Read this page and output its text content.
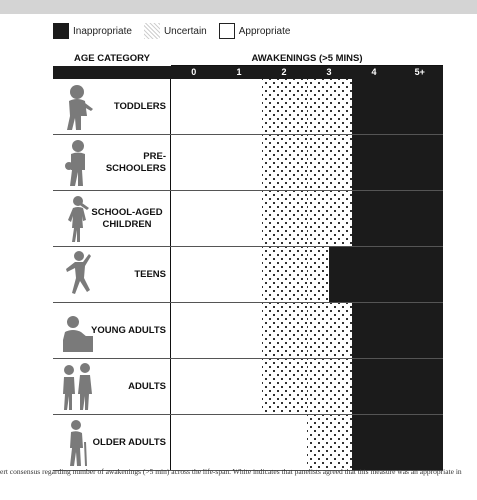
Inappropriate	Uncertain	Appropriate
AGE CATEGORY	AWAKENINGS (>5 MINS)
0	1	2	3	4	5+
TODDLERS
PRE-SCHOOLERS
SCHOOL-AGED
CHILDREN
TEENS
YOUNG ADULTS
ADULTS
OLDER ADULTS
ert consensus regarding number of awakenings (>5 min) across the life-span. White indicates that panelists agreed that this measure was an appropriate in
